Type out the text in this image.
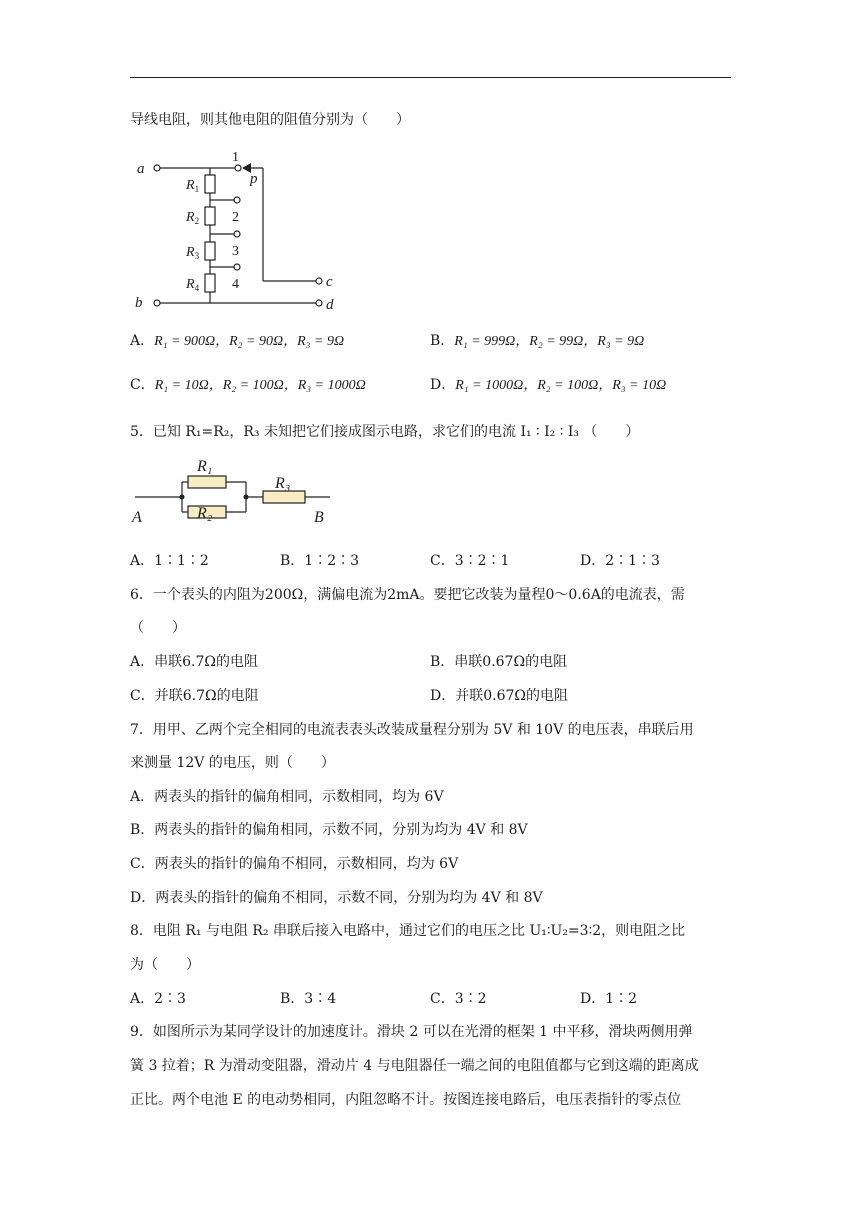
导线电阻，则其他电阻的阻值分别为（　　）
a
b
c
d
p
1
2
3
4
$R_1$
$R_2$
$R_3$
$R_4$
A．R₁ = 900Ω，R₂ = 90Ω，R₃ = 9Ω	B．R₁ = 999Ω，R₂ = 99Ω，R₃ = 9Ω
C．R₁ = 10Ω，R₂ = 100Ω，R₃ = 1000Ω	D．R₁ = 1000Ω，R₂ = 100Ω，R₃ = 10Ω
5．已知 R₁=R₂，R₃ 未知把它们接成图示电路，求它们的电流 I₁ ∶ I₂ ∶ I₃ （　　）
A	B
R₁
R₂
R₃
A．1∶1∶2	B．1∶2∶3	C．3∶2∶1	D．2∶1∶3
6．一个表头的内阻为200Ω，满偏电流为2mA。要把它改装为量程0～0.6A的电流表，需
（　　）
A．串联6.7Ω的电阻	B．串联0.67Ω的电阻
C．并联6.7Ω的电阻	D．并联0.67Ω的电阻
7．用甲、乙两个完全相同的电流表表头改装成量程分别为 5V 和 10V 的电压表，串联后用
来测量 12V 的电压，则（　　）
A．两表头的指针的偏角相同，示数相同，均为 6V
B．两表头的指针的偏角相同，示数不同，分别为均为 4V 和 8V
C．两表头的指针的偏角不相同，示数相同，均为 6V
D．两表头的指针的偏角不相同，示数不同，分别为均为 4V 和 8V
8．电阻 R₁ 与电阻 R₂ 串联后接入电路中，通过它们的电压之比 U₁∶U₂=3∶2，则电阻之比
为（　　）
A．2∶3	B．3∶4	C．3∶2	D．1∶2
9．如图所示为某同学设计的加速度计。滑块 2 可以在光滑的框架 1 中平移，滑块两侧用弹
簧 3 拉着；R 为滑动变阻器，滑动片 4 与电阻器任一端之间的电阻值都与它到这端的距离成
正比。两个电池 E 的电动势相同，内阻忽略不计。按图连接电路后，电压表指针的零点位
